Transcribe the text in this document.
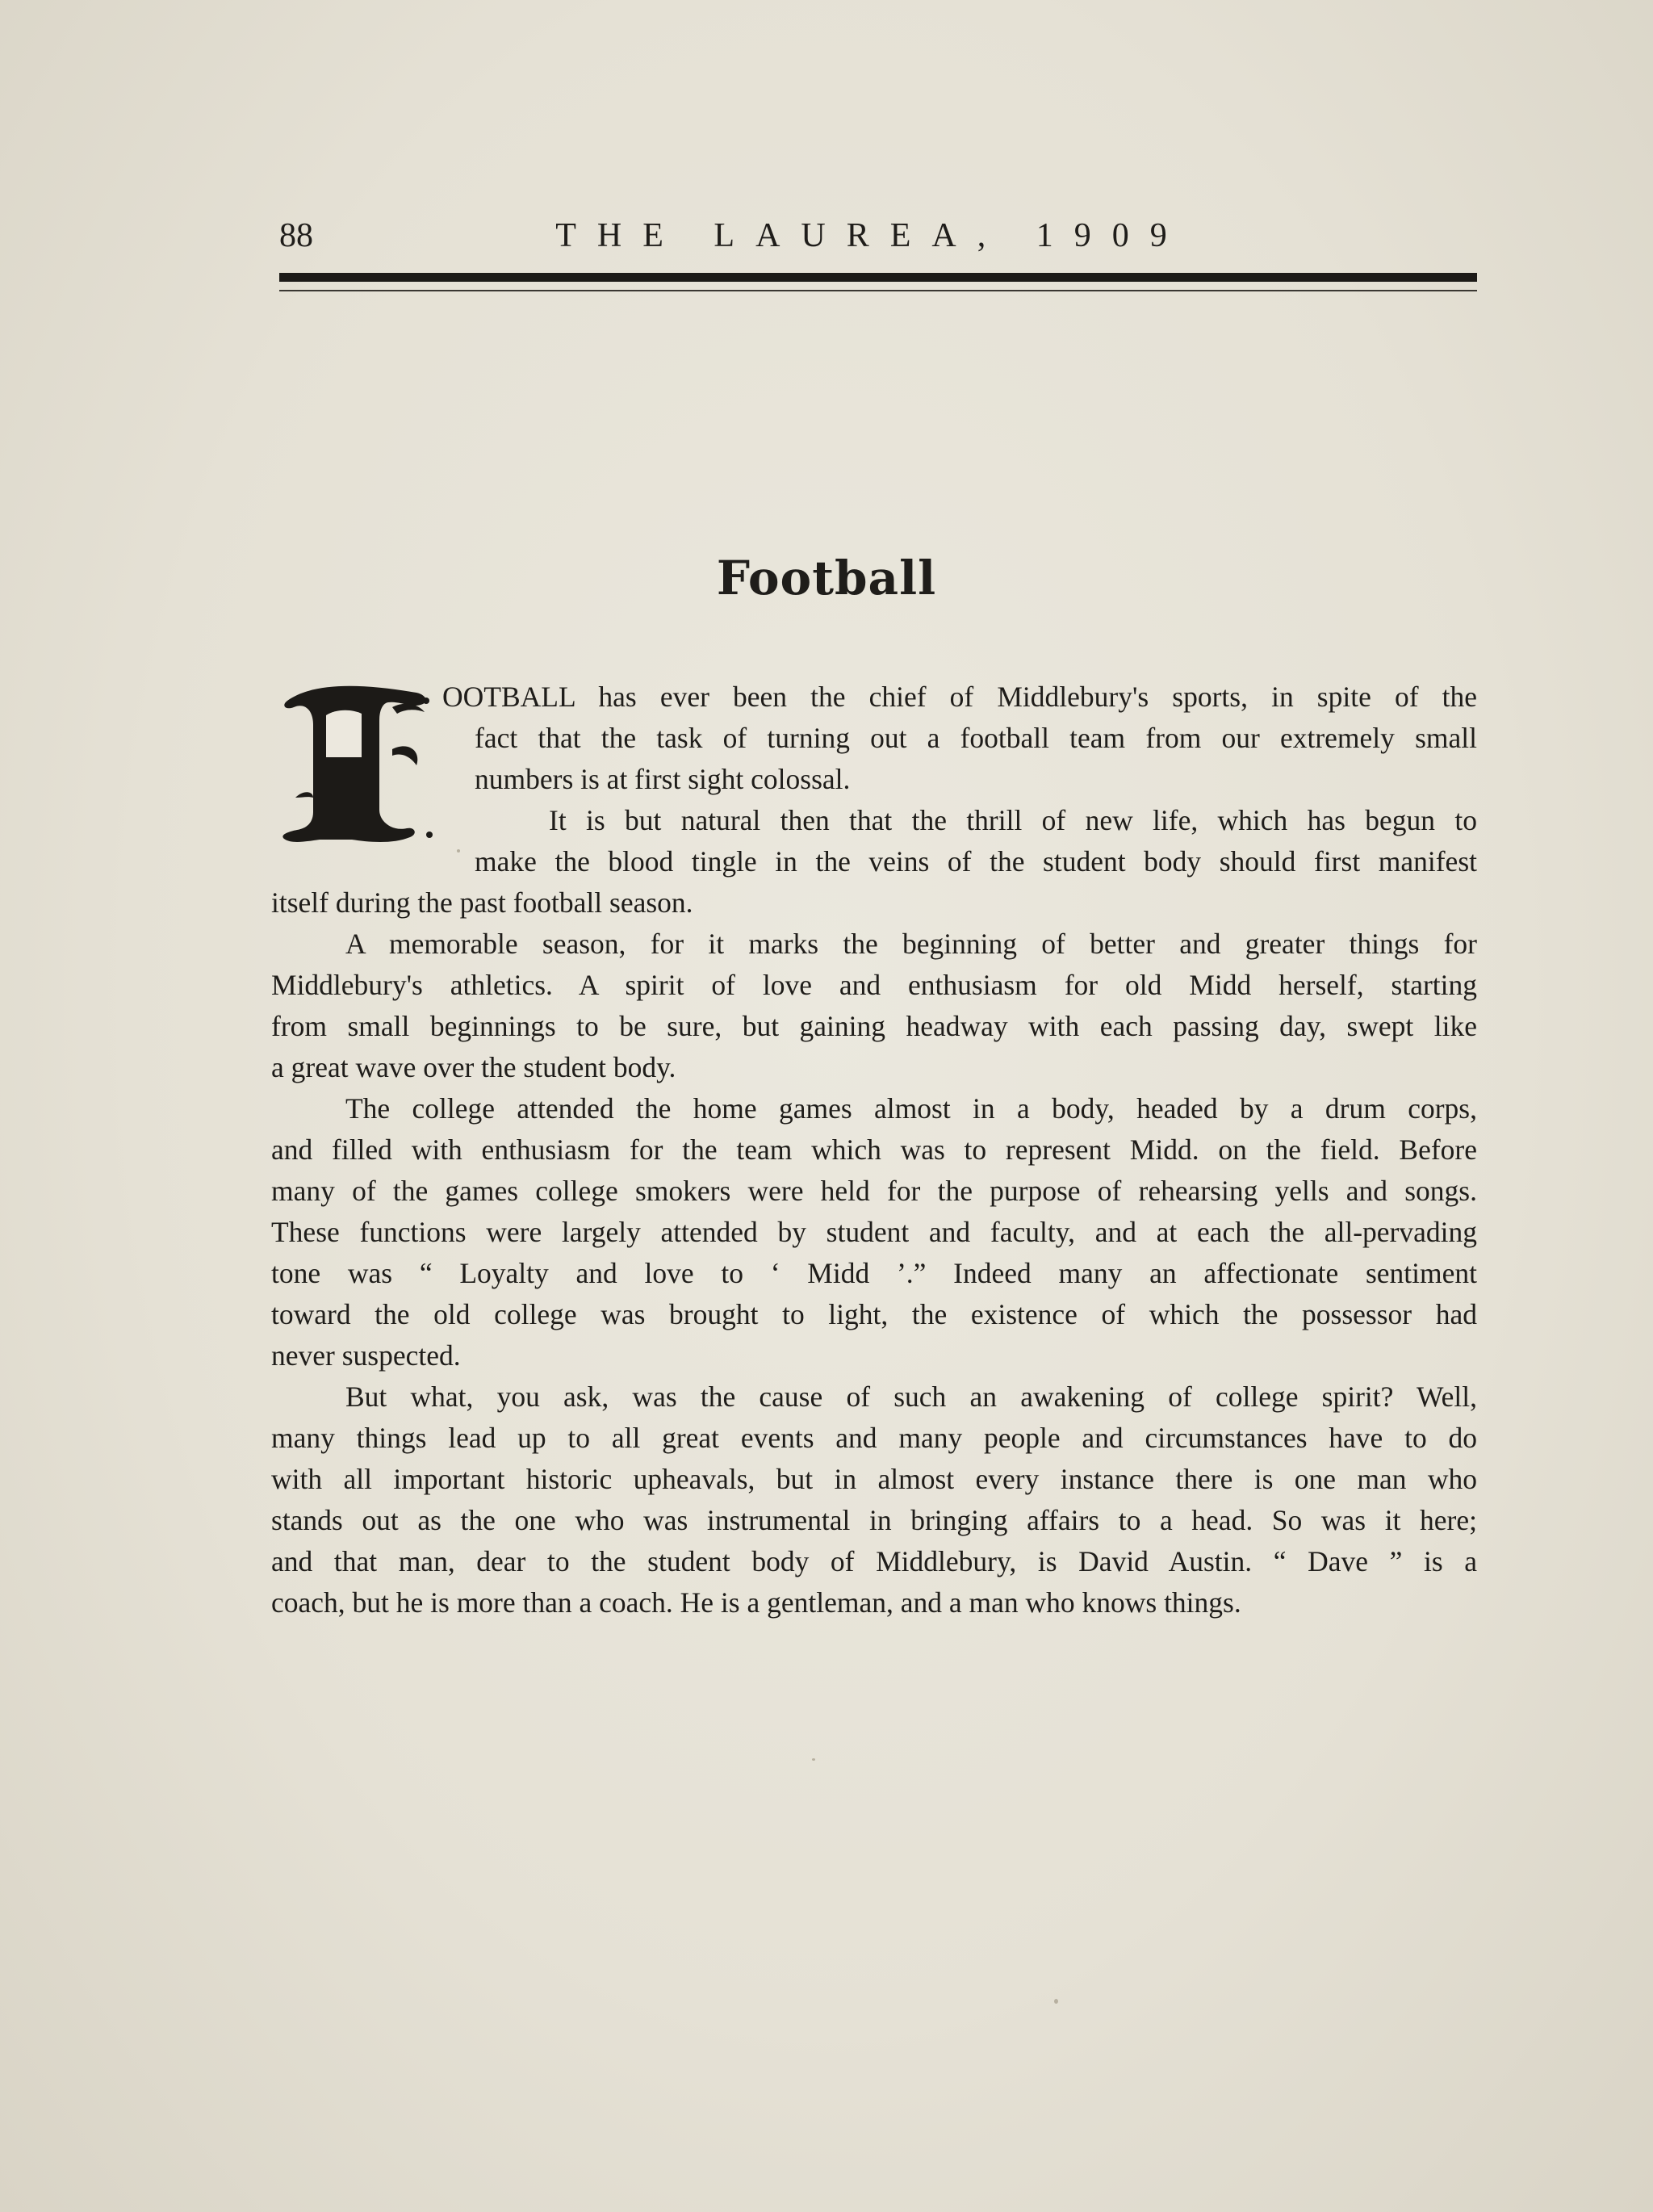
88	THE LAUREA, 1909
Football
OOTBALL has ever been the chief of Middlebury's sports, in spite of the
fact that the task of turning out a football team from our extremely small
numbers is at first sight colossal.
It is but natural then that the thrill of new life, which has begun to
make the blood tingle in the veins of the student body should first manifest
itself during the past football season.
A memorable season, for it marks the beginning of better and greater things for
Middlebury's athletics. A spirit of love and enthusiasm for old Midd herself, starting
from small beginnings to be sure, but gaining headway with each passing day, swept like
a great wave over the student body.
The college attended the home games almost in a body, headed by a drum corps,
and filled with enthusiasm for the team which was to represent Midd. on the field. Before
many of the games college smokers were held for the purpose of rehearsing yells and songs.
These functions were largely attended by student and faculty, and at each the all-pervading
tone was “ Loyalty and love to ‘ Midd ’.” Indeed many an affectionate sentiment
toward the old college was brought to light, the existence of which the possessor had
never suspected.
But what, you ask, was the cause of such an awakening of college spirit? Well,
many things lead up to all great events and many people and circumstances have to do
with all important historic upheavals, but in almost every instance there is one man who
stands out as the one who was instrumental in bringing affairs to a head. So was it here;
and that man, dear to the student body of Middlebury, is David Austin. “ Dave ” is a
coach, but he is more than a coach. He is a gentleman, and a man who knows things.
